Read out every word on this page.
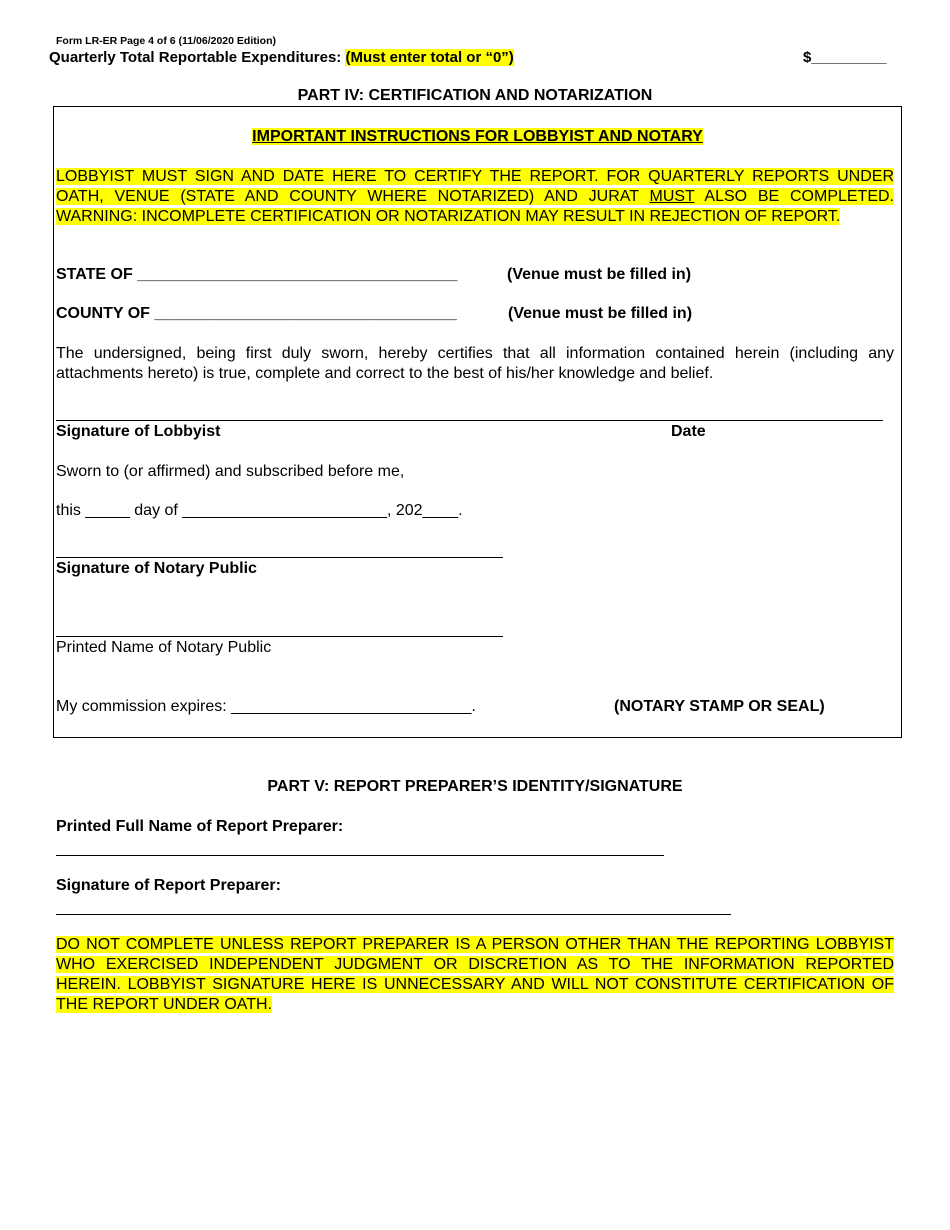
Form LR-ER Page 4 of 6 (11/06/2020 Edition)
Quarterly Total Reportable Expenditures: (Must enter total or “0”)	$_________
PART IV: CERTIFICATION AND NOTARIZATION
IMPORTANT INSTRUCTIONS FOR LOBBYIST AND NOTARY
LOBBYIST MUST SIGN AND DATE HERE TO CERTIFY THE REPORT. FOR QUARTERLY REPORTS UNDER OATH, VENUE (STATE AND COUNTY WHERE NOTARIZED) AND JURAT MUST ALSO BE COMPLETED. WARNING: INCOMPLETE CERTIFICATION OR NOTARIZATION MAY RESULT IN REJECTION OF REPORT.
STATE OF ____________________________________	(Venue must be filled in)
COUNTY OF __________________________________	(Venue must be filled in)
The undersigned, being first duly sworn, hereby certifies that all information contained herein (including any attachments hereto) is true, complete and correct to the best of his/her knowledge and belief.
Signature of Lobbyist	Date
Sworn to (or affirmed) and subscribed before me,
this _____ day of _______________________, 202____.
Signature of Notary Public
Printed Name of Notary Public
My commission expires: ___________________________.	(NOTARY STAMP OR SEAL)
PART V: REPORT PREPARER’S IDENTITY/SIGNATURE
Printed Full Name of Report Preparer:
Signature of Report Preparer:
DO NOT COMPLETE UNLESS REPORT PREPARER IS A PERSON OTHER THAN THE REPORTING LOBBYIST WHO EXERCISED INDEPENDENT JUDGMENT OR DISCRETION AS TO THE INFORMATION REPORTED HEREIN. LOBBYIST SIGNATURE HERE IS UNNECESSARY AND WILL NOT CONSTITUTE CERTIFICATION OF THE REPORT UNDER OATH.
